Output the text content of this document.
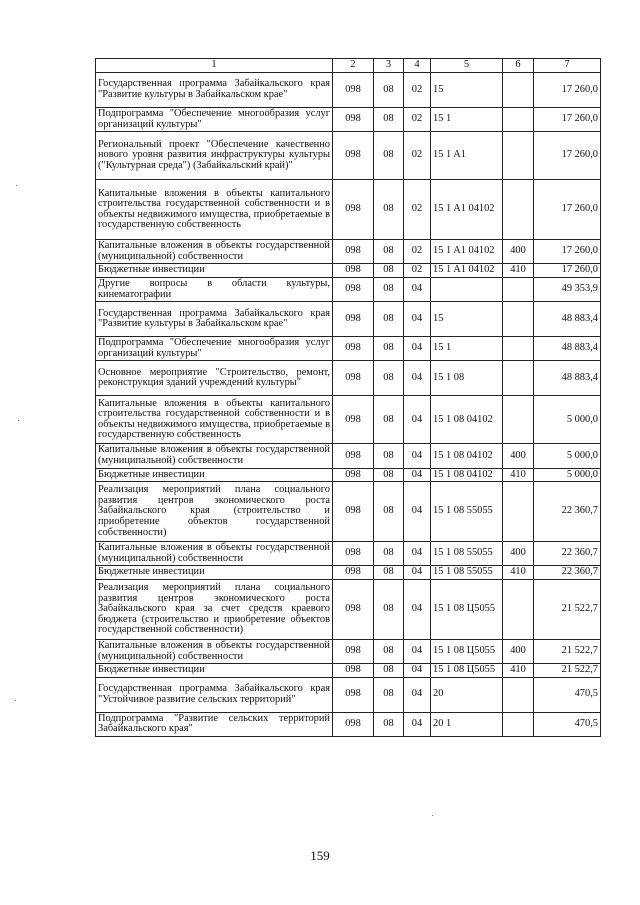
1	2	3	4	5	6	7
Государственная программа Забайкальского края "Развитие культуры в Забайкальском крае"	098	08	02	15		17 260,0
Подпрограмма "Обеспечение многообразия услуг организаций культуры"	098	08	02	15 1		17 260,0
Региональный проект "Обеспечение качественно нового уровня развития инфраструктуры культуры ("Культурная среда") (Забайкальский край)"	098	08	02	15 1 A1		17 260,0
Капитальные вложения в объекты капитального строительства государственной собственности и в объекты недвижимого имущества, приобретаемые в государственную собственность	098	08	02	15 1 A1 04102		17 260,0
Капитальные вложения в объекты государственной (муниципальной) собственности	098	08	02	15 1 A1 04102	400	17 260,0
Бюджетные инвестиции	098	08	02	15 1 A1 04102	410	17 260,0
Другие вопросы в области культуры, кинематографии	098	08	04			49 353,9
Государственная программа Забайкальского края "Развитие культуры в Забайкальском крае"	098	08	04	15		48 883,4
Подпрограмма "Обеспечение многообразия услуг организаций культуры"	098	08	04	15 1		48 883,4
Основное мероприятие "Строительство, ремонт, реконструкция зданий учреждений культуры"	098	08	04	15 1 08		48 883,4
Капитальные вложения в объекты капитального строительства государственной собственности и в объекты недвижимого имущества, приобретаемые в государственную собственность	098	08	04	15 1 08 04102		5 000,0
Капитальные вложения в объекты государственной (муниципальной) собственности	098	08	04	15 1 08 04102	400	5 000,0
Бюджетные инвестиции	098	08	04	15 1 08 04102	410	5 000,0
Реализация мероприятий плана социального развития центров экономического роста Забайкальского края (строительство и приобретение объектов государственной собственности)	098	08	04	15 1 08 55055		22 360,7
Капитальные вложения в объекты государственной (муниципальной) собственности	098	08	04	15 1 08 55055	400	22 360,7
Бюджетные инвестиции	098	08	04	15 1 08 55055	410	22 360,7
Реализация мероприятий плана социального развития центров экономического роста Забайкальского края за счет средств краевого бюджета (строительство и приобретение объектов государственной собственности)	098	08	04	15 1 08 Ц5055		21 522,7
Капитальные вложения в объекты государственной (муниципальной) собственности	098	08	04	15 1 08 Ц5055	400	21 522,7
Бюджетные инвестиции	098	08	04	15 1 08 Ц5055	410	21 522,7
Государственная программа Забайкальского края "Устойчивое развитие сельских территорий"	098	08	04	20		470,5
Подпрограмма "Развитие сельских территорий Забайкальского края"	098	08	04	20 1		470,5
159
